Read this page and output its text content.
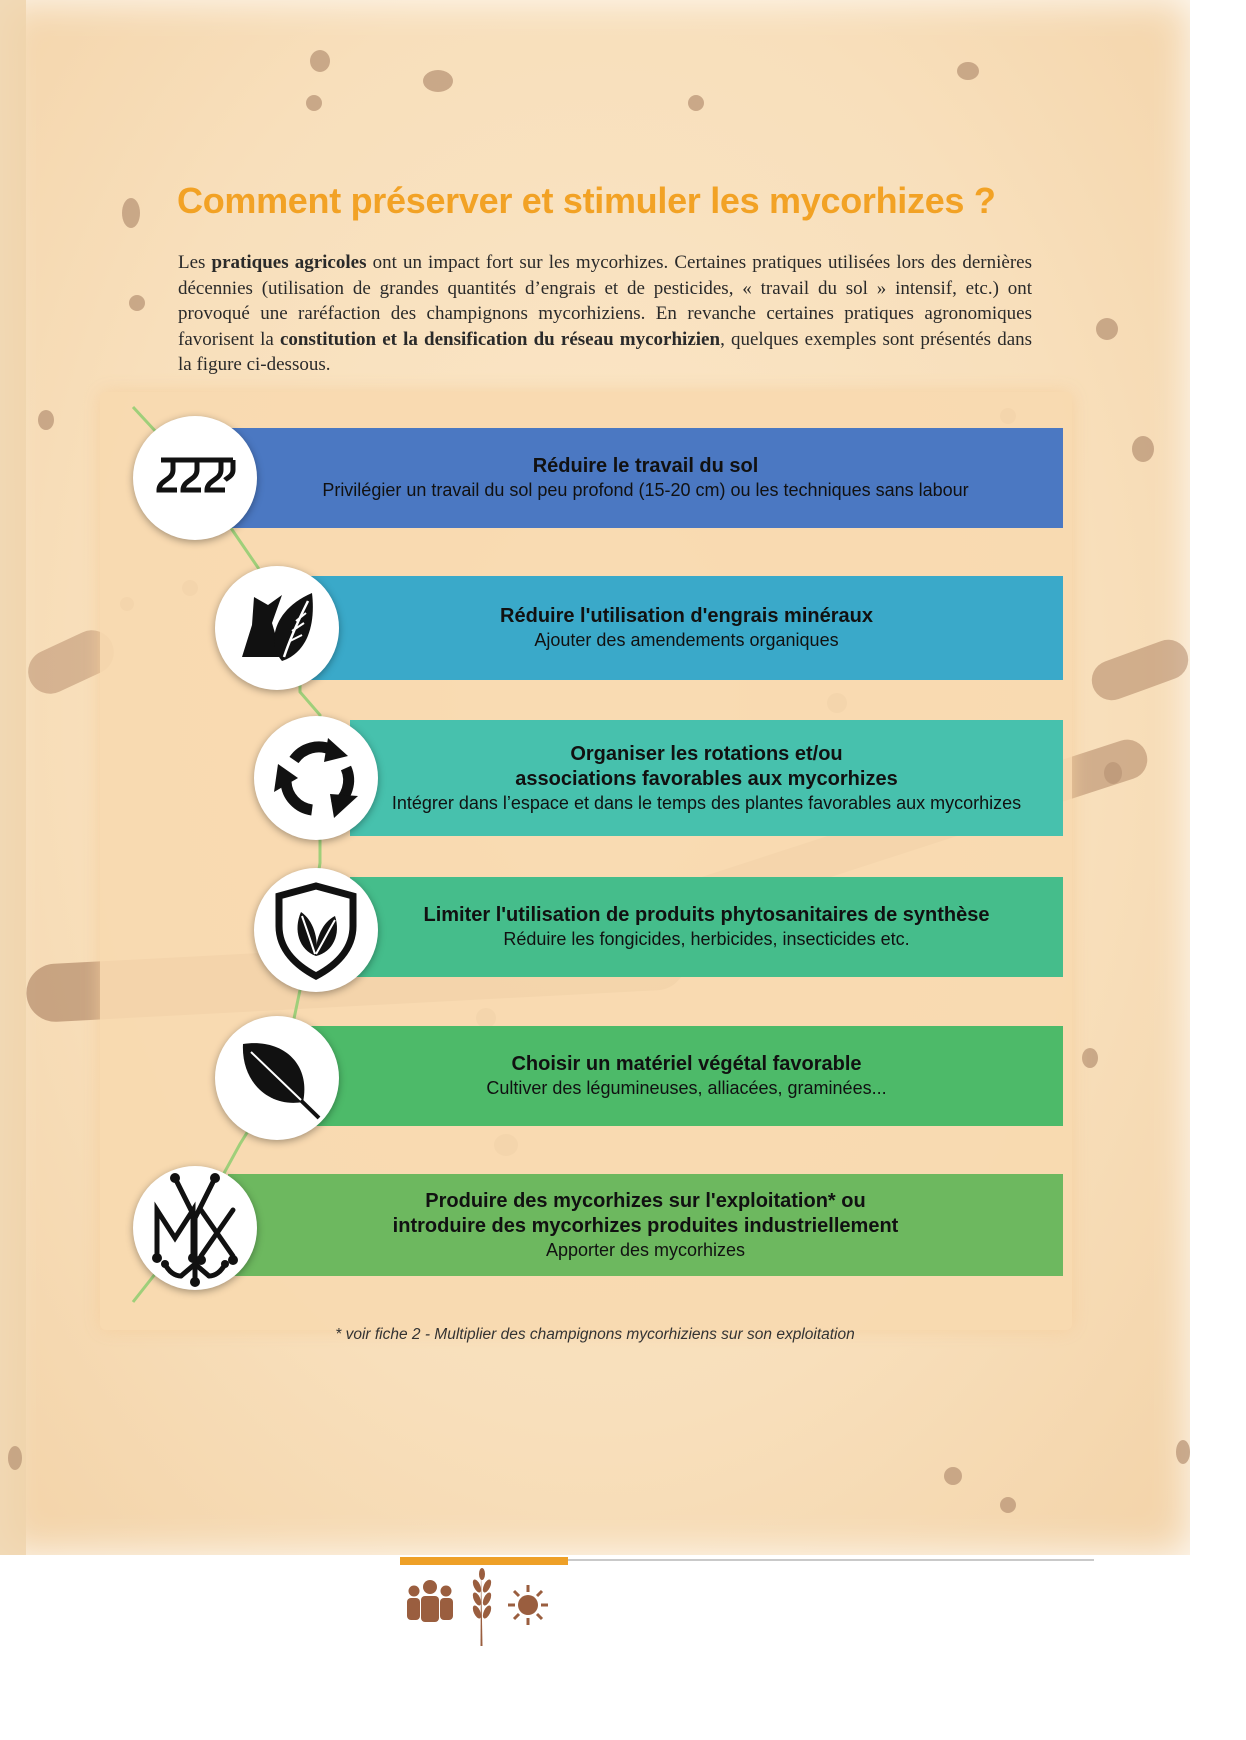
Comment préserver et stimuler les mycorhizes ?

Les pratiques agricoles ont un impact fort sur les mycorhizes. Certaines pratiques utilisées lors des dernières décennies (utilisation de grandes quantités d’engrais et de pesticides, « travail du sol » intensif, etc.) ont provoqué une raréfaction des champignons mycorhiziens. En revanche certaines pratiques agronomiques favorisent la constitution et la densification du réseau mycorhizien, quelques exemples sont présentés dans la figure ci-dessous.

Réduire le travail du sol
Privilégier un travail du sol peu profond (15-20 cm) ou les techniques sans labour
Réduire l'utilisation d'engrais minéraux
Ajouter des amendements organiques
Organiser les rotations et/ou
associations favorables aux mycorhizes
Intégrer dans l’espace et dans le temps des plantes favorables aux mycorhizes
Limiter l'utilisation de produits phytosanitaires de synthèse
Réduire les fongicides, herbicides, insecticides etc.
Choisir un matériel végétal favorable
Cultiver des légumineuses, alliacées, graminées...
Produire des mycorhizes sur l'exploitation* ou
introduire des mycorhizes produites industriellement
Apporter des mycorhizes

* voir fiche 2 - Multiplier des champignons mycorhiziens sur son exploitation
